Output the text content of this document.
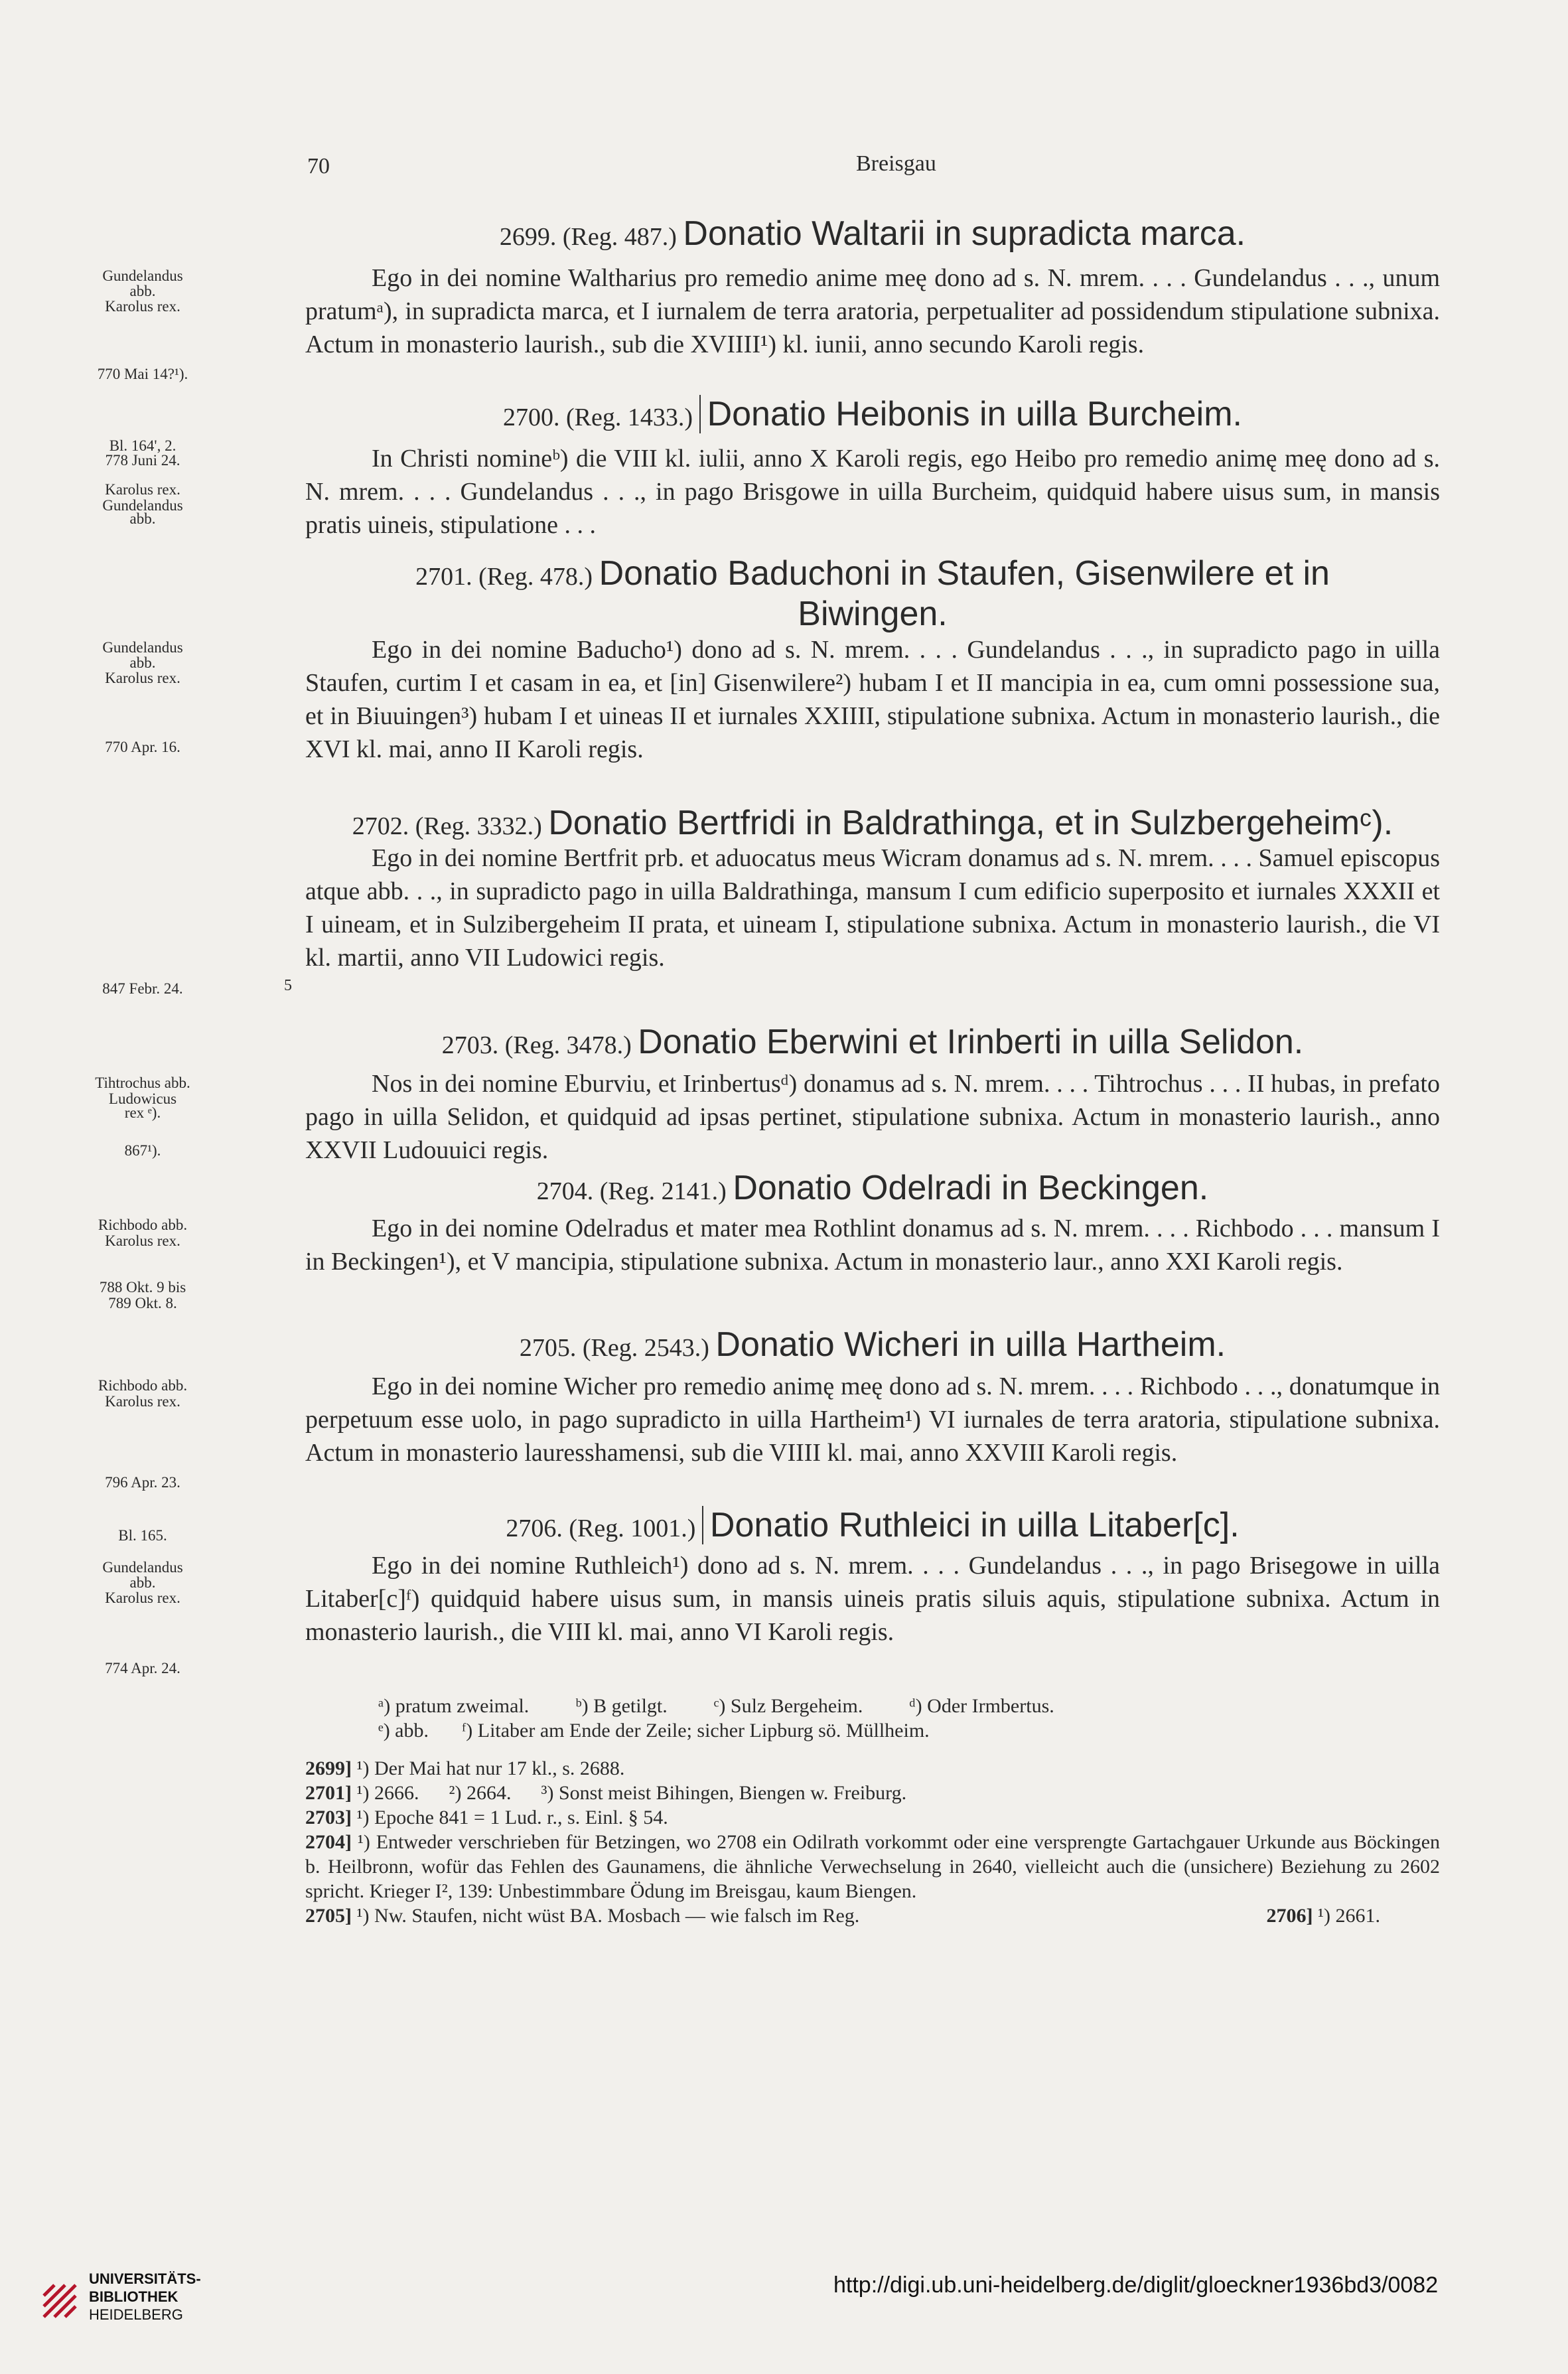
70	Breisgau
2699. (Reg. 487.) Donatio Waltarii in supradicta marca.
Gundelandus
abb.
Karolus rex.
770 Mai 14?¹).
Ego in dei nomine Waltharius pro remedio anime meę dono ad s. N. mrem. . . . Gundelandus . . ., unum pratumᵃ), in supradicta marca, et I iurnalem de terra aratoria, perpetualiter ad possidendum stipulatione subnixa. Actum in monasterio laurish., sub die XVIIII¹) kl. iunii, anno secundo Karoli regis.
2700. (Reg. 1433.) Donatio Heibonis in uilla Burcheim.
Bl. 164', 2.
778 Juni 24.
Karolus rex.
Gundelandus
abb.
In Christi nomineᵇ) die VIII kl. iulii, anno X Karoli regis, ego Heibo pro remedio animę meę dono ad s. N. mrem. . . . Gundelandus . . ., in pago Brisgowe in uilla Burcheim, quidquid habere uisus sum, in mansis pratis uineis, stipulatione . . .
2701. (Reg. 478.) Donatio Baduchoni in Staufen, Gisenwilere et in
Biwingen.
Gundelandus
abb.
Karolus rex.
770 Apr. 16.
Ego in dei nomine Baducho¹) dono ad s. N. mrem. . . . Gundelandus . . ., in supradicto pago in uilla Staufen, curtim I et casam in ea, et [in] Gisenwilere²) hubam I et II mancipia in ea, cum omni possessione sua, et in Biuuingen³) hubam I et uineas II et iurnales XXIIII, stipulatione subnixa. Actum in monasterio laurish., die XVI kl. mai, anno II Karoli regis.
2702. (Reg. 3332.) Donatio Bertfridi in Baldrathinga, et in Sulzbergeheimᶜ).
847 Febr. 24.	5
Ego in dei nomine Bertfrit prb. et aduocatus meus Wicram donamus ad s. N. mrem. . . . Samuel episcopus atque abb. . ., in supradicto pago in uilla Baldrathinga, mansum I cum edificio superposito et iurnales XXXII et I uineam, et in Sulzibergeheim II prata, et uineam I, stipulatione subnixa. Actum in monasterio laurish., die VI kl. martii, anno VII Ludowici regis.
2703. (Reg. 3478.) Donatio Eberwini et Irinberti in uilla Selidon.
Tihtrochus abb.
Ludowicus
rex ᵉ).
867¹).
Nos in dei nomine Eburviu, et Irinbertusᵈ) donamus ad s. N. mrem. . . . Tihtrochus . . . II hubas, in prefato pago in uilla Selidon, et quidquid ad ipsas pertinet, stipulatione subnixa. Actum in monasterio laurish., anno XXVII Ludouuici regis.
2704. (Reg. 2141.) Donatio Odelradi in Beckingen.
Richbodo abb.
Karolus rex.
788 Okt. 9 bis
789 Okt. 8.
Ego in dei nomine Odelradus et mater mea Rothlint donamus ad s. N. mrem. . . . Richbodo . . . mansum I in Beckingen¹), et V mancipia, stipulatione subnixa. Actum in monasterio laur., anno XXI Karoli regis.
2705. (Reg. 2543.) Donatio Wicheri in uilla Hartheim.
Richbodo abb.
Karolus rex.
796 Apr. 23.
Ego in dei nomine Wicher pro remedio animę meę dono ad s. N. mrem. . . . Richbodo . . ., donatumque in perpetuum esse uolo, in pago supradicto in uilla Hartheim¹) VI iurnales de terra aratoria, stipulatione subnixa. Actum in monasterio lauresshamensi, sub die VIIII kl. mai, anno XXVIII Karoli regis.
2706. (Reg. 1001.) Donatio Ruthleici in uilla Litaber[c].
Bl. 165.
Gundelandus
abb.
Karolus rex.
774 Apr. 24.
Ego in dei nomine Ruthleich¹) dono ad s. N. mrem. . . . Gundelandus . . ., in pago Brisegowe in uilla Litaber[c]ᶠ) quidquid habere uisus sum, in mansis uineis pratis siluis aquis, stipulatione subnixa. Actum in monasterio laurish., die VIII kl. mai, anno VI Karoli regis.
ᵃ) pratum zweimal. ᵇ) B getilgt. ᶜ) Sulz Bergeheim. ᵈ) Oder Irmbertus.
ᵉ) abb. ᶠ) Litaber am Ende der Zeile; sicher Lipburg sö. Müllheim.
2699] ¹) Der Mai hat nur 17 kl., s. 2688.
2701] ¹) 2666.      ²) 2664.      ³) Sonst meist Bihingen, Biengen w. Freiburg.
2703] ¹) Epoche 841 = 1 Lud. r., s. Einl. § 54.
2704] ¹) Entweder verschrieben für Betzingen, wo 2708 ein Odilrath vorkommt oder eine versprengte Gartachgauer Urkunde aus Böckingen b. Heilbronn, wofür das Fehlen des Gaunamens, die ähnliche Verwechselung in 2640, vielleicht auch die (unsichere) Beziehung zu 2602 spricht. Krieger I², 139: Unbestimmbare Ödung im Breisgau, kaum Biengen.
2705] ¹) Nw. Staufen, nicht wüst BA. Mosbach — wie falsch im Reg.	2706] ¹) 2661.
UNIVERSITÄTS-
BIBLIOTHEK
HEIDELBERG
http://digi.ub.uni-heidelberg.de/diglit/gloeckner1936bd3/0082
